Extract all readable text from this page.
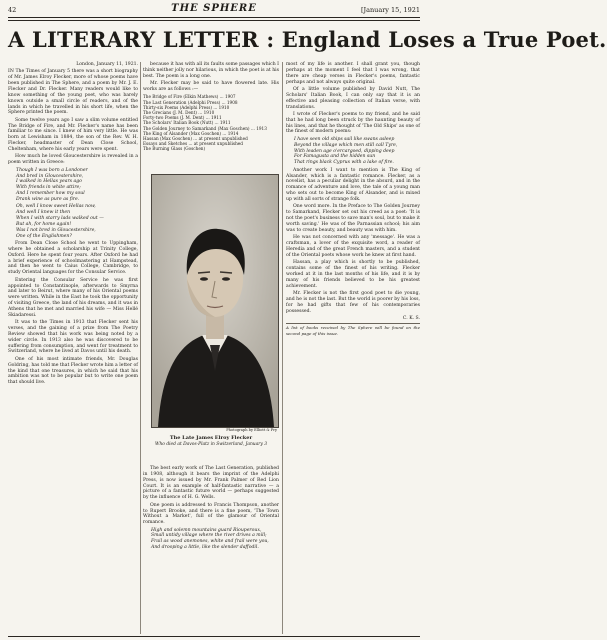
42	THE SPHERE	[January 15, 1921
A LITERARY LETTER : England Loses a True Poet.

London, January 11, 1921.

IN The Times of January 5 there was a short biography of Mr. James Elroy Flecker, more of whose poems have been published in The Sphere, and a poem by Mr. J. E. Flecker and Dr. Flecker. Many readers would like to know something of the young poet, who was barely known outside a small circle of readers, and of the lands in which he travelled in his short life, when the Sphere printed the poem.

Some twelve years ago I saw a slim volume entitled The Bridge of Fire, and Mr. Flecker's name has been familiar to me since. I knew of him very little. He was born at Lewisham in 1884, the son of the Rev. W. H. Flecker, headmaster of Dean Close School, Cheltenham, where his early years were spent.

How much he loved Gloucestershire is revealed in a poem written in Greece:

Though I was born a Londoner
And bred in Gloucestershire,
I walked in Hellas years ago
With friends in white attire;
And I remember how my soul
Drank wine as pure as fire.

Oh, well I know sweet Hellas now,
And well I knew it then
When I with starry lads walked out —
But ah, for home again!
Was I not bred in Gloucestershire,
One of the Englishmen?

From Dean Close School he went to Uppingham, where he obtained a scholarship at Trinity College, Oxford. Here he spent four years. After Oxford he had a brief experience of schoolmastering at Hampstead, and then he went to Caius College, Cambridge, to study Oriental languages for the Consular Service.

Entering the Consular Service he was first appointed to Constantinople, afterwards to Smyrna and later to Beirut, where many of his Oriental poems were written. While in the East he took the opportunity of visiting Greece, the land of his dreams, and it was in Athens that he met and married his wife — Miss Hellé Skiadaressi.

It was to the Times in 1913 that Flecker sent his verses, and the gaining of a prize from The Poetry Review showed that his work was being noted by a wider circle. In 1913 also he was discovered to be suffering from consumption, and went for treatment to Switzerland, where he lived at Davos until his death.

One of his most intimate friends, Mr. Douglas Goldring, has told me that Flecker wrote him a letter of the kind that one treasures, in which he said that his ambition was not to be popular but to write one poem that should live.

because it has with all its faults some passages which I think neither jolly nor hilarious, in which the poet is at his best. The poem is a long one.

Mr. Flecker may be said to have flowered late. His works are as follows :—

The Bridge of Fire (Elkin Mathews) ... 1907
The Last Generation (Adelphi Press) ... 1908
Thirty-six Poems (Adelphi Press) ... 1910
The Grecians (J. M. Dent) ... 1910
Forty-two Poems (J. M. Dent) ... 1911
The Scholars' Italian Book (Nutt) ... 1911
The Golden Journey to Samarkand (Max Goschen) ... 1913
The King of Alsander (Max Goschen) ... 1914
Hassan (Max Goschen) ... at present unpublished
Essays and Sketches ... at present unpublished
The Burning Glass (Goschen)
Photograph by Elliott & Fry
The Late James Elroy Flecker
Who died at Davos-Platz in Switzerland, January 3

The best early work of The Last Generation, published in 1908, although it bears the imprint of the Adelphi Press, is now issued by Mr. Frank Palmer of Red Lion Court. It is an example of half-fantastic narrative — a picture of a fantastic future world — perhaps suggested by the influence of H. G. Wells.

One poem is addressed to Francis Thompson, another to Rupert Brooke, and there is a fine poem, 'The Town Without a Market', full of the glamour of Oriental romance.

High and solemn mountains guard Riouperoux,
Small untidy village where the river drives a mill;
Frail as wood anemones, white and frail were you,
And drooping a little, like the slender daffodil.

most of my life is another. I shall grant you, though perhaps at the moment I feel that I was wrong, that there are cheap verses in Flecker's poems, fantastic perhaps and not always quite original.

Of a little volume published by David Nutt, The Scholars' Italian Book, I can only say that it is an effective and pleasing collection of Italian verse, with translations.

I wrote of Flecker's poems to my friend, and he said that he had long been struck by the haunting beauty of his lines, and that he thought of 'The Old Ships' as one of the finest of modern poems:

I have seen old ships sail like swans asleep
Beyond the village which men still call Tyre,
With leaden age o'ercargoed, dipping deep
For Famagusta and the hidden sun
That rings black Cyprus with a lake of fire.

Another work I want to mention is The King of Alsander, which is a fantastic romance. Flecker, as a novelist, has a peculiar delight in the absurd, and in the romance of adventure and love, the tale of a young man who sets out to become King of Alsander, and is mixed up with all sorts of strange folk.

One word more. In the Preface to The Golden Journey to Samarkand, Flecker set out his creed as a poet: 'It is not the poet's business to save man's soul, but to make it worth saving.' He was of the Parnassian school; his aim was to create beauty, and beauty was with him.

He was not concerned with any 'message'. He was a craftsman, a lover of the exquisite word, a reader of Heredia and of the great French masters, and a student of the Oriental poets whose work he knew at first hand.

Hassan, a play which is shortly to be published, contains some of the finest of his writing. Flecker worked at it in the last months of his life, and it is by many of his friends believed to be his greatest achievement.

Mr. Flecker is not the first good poet to die young, and he is not the last. But the world is poorer by his loss, for he had gifts that few of his contemporaries possessed.

C. K. S.

A list of books received by The Sphere will be found on the second page of this issue.
